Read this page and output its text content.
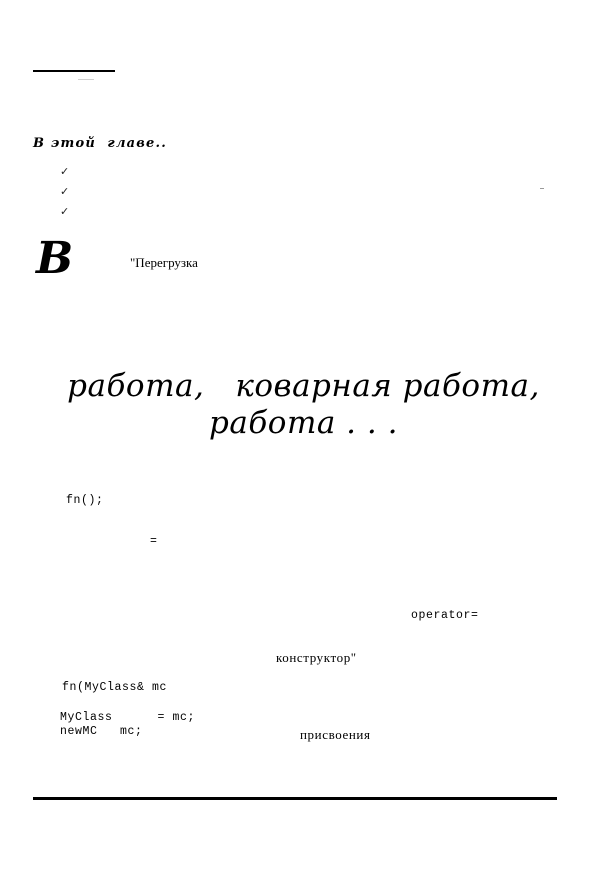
В этой  главе..
✓
✓
✓
В	"Перегрузка
работа,   коварная работа,
работа . . .
fn();
=
operator=
конструктор"
fn(MyClass& mc
MyClass      = mc;
newMC   mc;	присвоения
